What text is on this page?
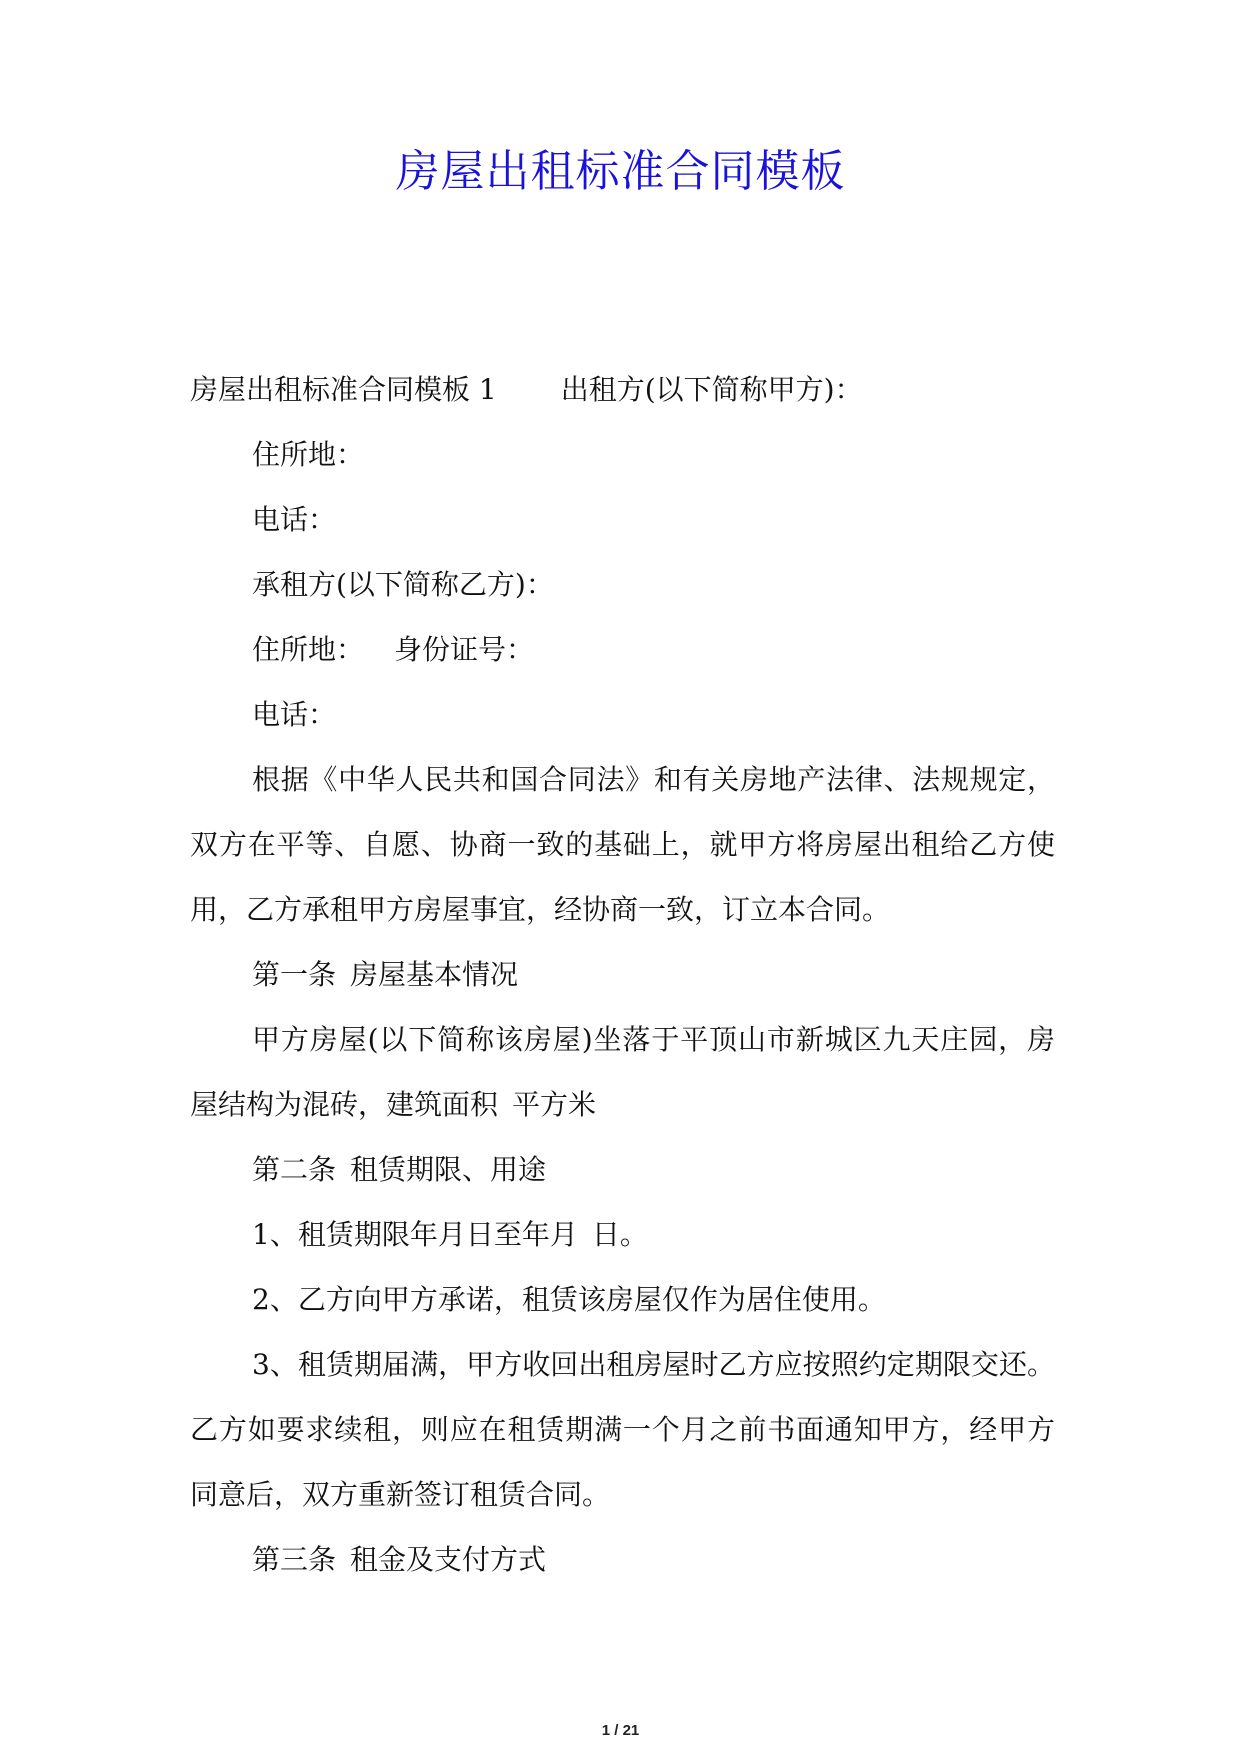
房屋出租标准合同模板
房屋出租标准合同模板 1 出租方(以下简称甲方)：
住所地：
电话：
承租方(以下简称乙方)：
住所地： 身份证号：
电话：
根据《中华人民共和国合同法》和有关房地产法律、法规规定，双方在平等、自愿、协商一致的基础上，就甲方将房屋出租给乙方使用，乙方承租甲方房屋事宜，经协商一致，订立本合同。
第一条 房屋基本情况
甲方房屋(以下简称该房屋)坐落于平顶山市新城区九天庄园，房屋结构为混砖，建筑面积 平方米
第二条 租赁期限、用途
1、租赁期限年月日至年月 日。
2、乙方向甲方承诺，租赁该房屋仅作为居住使用。
3、租赁期届满，甲方收回出租房屋时乙方应按照约定期限交还。乙方如要求续租，则应在租赁期满一个月之前书面通知甲方，经甲方同意后，双方重新签订租赁合同。
第三条 租金及支付方式
1 / 21
